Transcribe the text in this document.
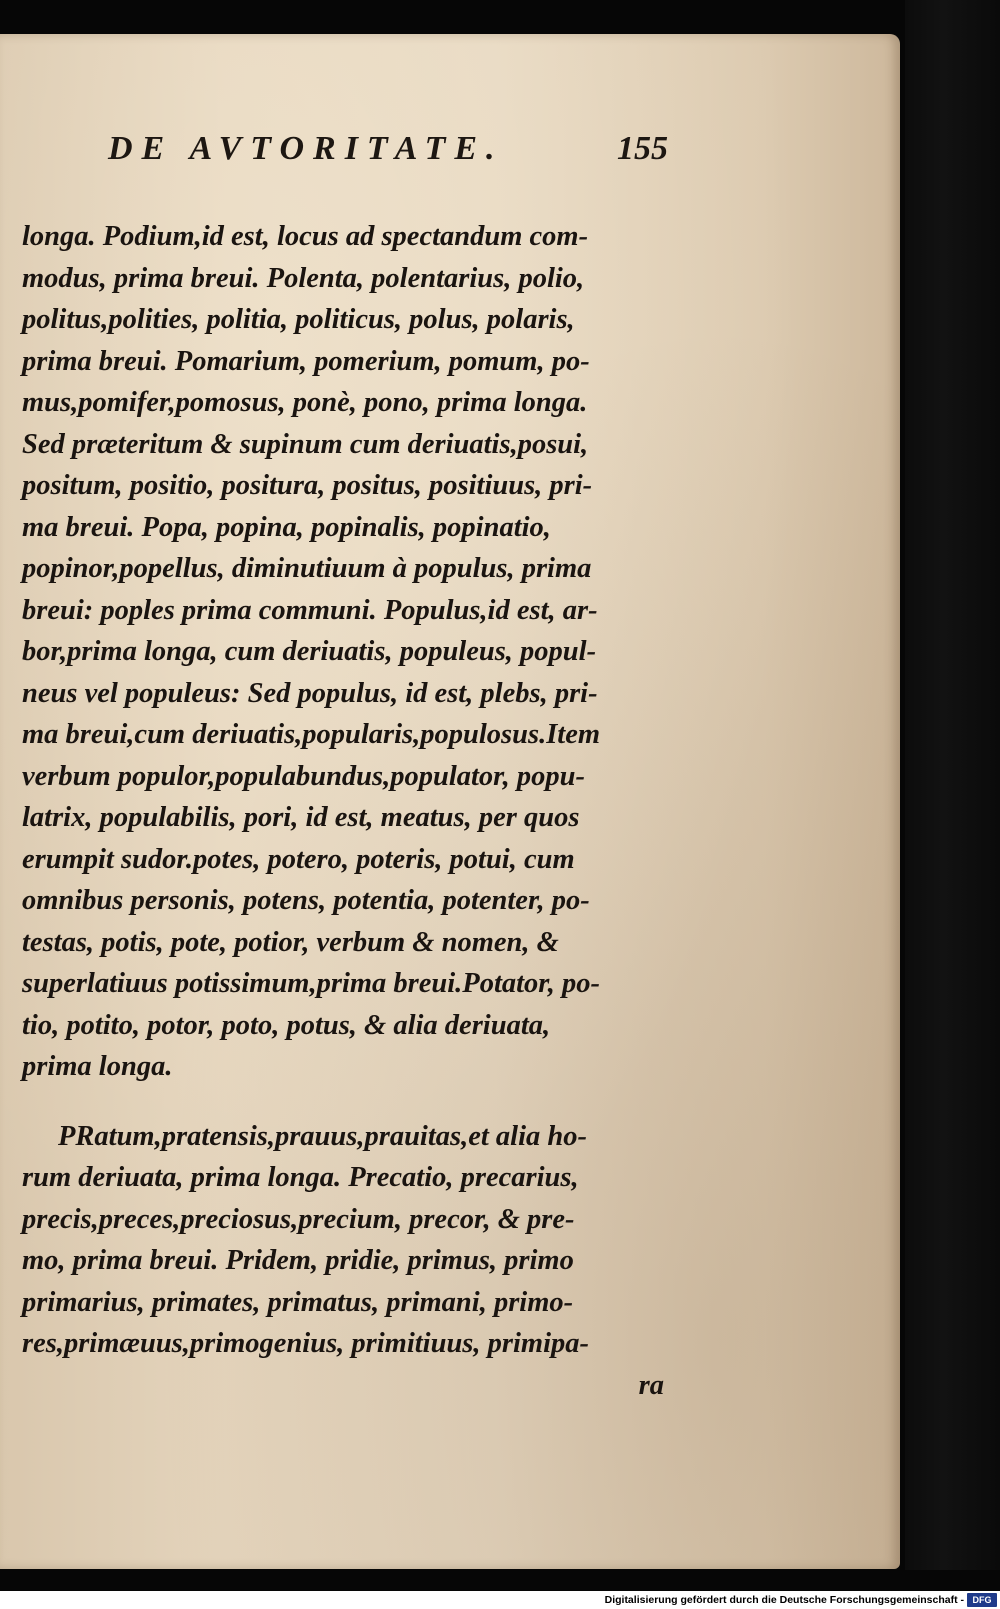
DE AVTORITATE.	155
longa. Podium,id est, locus ad spectandum com-
modus, prima breui. Polenta, polentarius, polio,
politus,polities, politia, politicus, polus, polaris,
prima breui. Pomarium, pomerium, pomum, po-
mus,pomifer,pomosus, ponè, pono, prima longa.
Sed præteritum & supinum cum deriuatis,posui,
positum, positio, positura, positus, positiuus, pri-
ma breui. Popa, popina, popinalis, popinatio,
popinor,popellus, diminutiuum à populus, prima
breui: poples prima communi. Populus,id est, ar-
bor,prima longa, cum deriuatis, populeus, popul-
neus vel populeus: Sed populus, id est, plebs, pri-
ma breui,cum deriuatis,popularis,populosus.Item
verbum populor,populabundus,populator, popu-
latrix, populabilis, pori, id est, meatus, per quos
erumpit sudor.potes, potero, poteris, potui, cum
omnibus personis, potens, potentia, potenter, po-
testas, potis, pote, potior, verbum & nomen, &
superlatiuus potissimum,prima breui.Potator, po-
tio, potito, potor, poto, potus, & alia deriuata,
prima longa.
PRatum,pratensis,prauus,prauitas,et alia ho-
rum deriuata, prima longa. Precatio, precarius,
precis,preces,preciosus,precium, precor, & pre-
mo, prima breui. Pridem, pridie, primus, primo
primarius, primates, primatus, primani, primo-
res,primæuus,primogenius, primitiuus, primipa-
ra
Digitalisierung gefördert durch die Deutsche Forschungsgemeinschaft - DFG
